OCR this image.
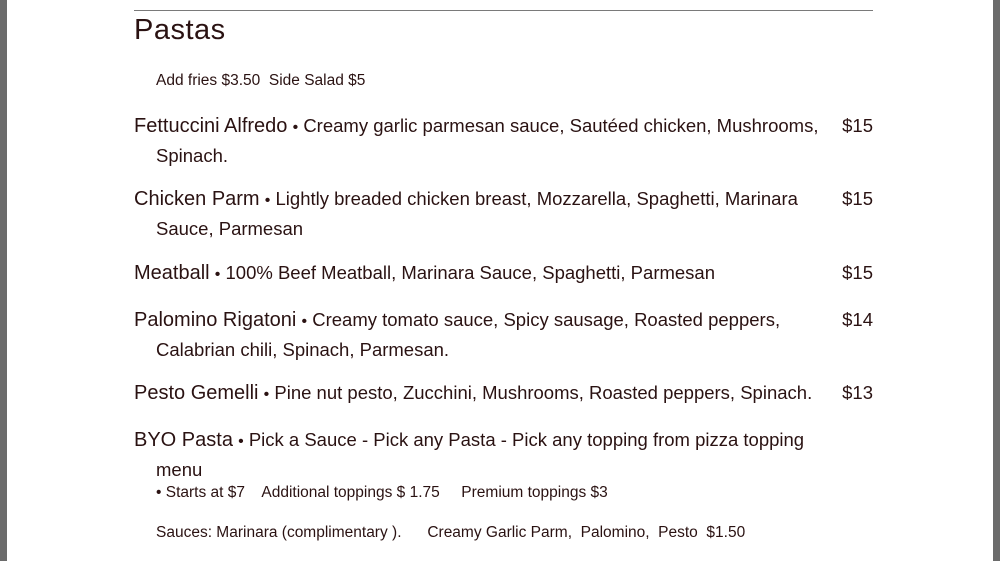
Pastas
Add fries $3.50  Side Salad $5
Fettuccini Alfredo • Creamy garlic parmesan sauce, Sautéed chicken, Mushrooms, Spinach.
$15
Chicken Parm • Lightly breaded chicken breast, Mozzarella, Spaghetti, Marinara Sauce, Parmesan
$15
Meatball • 100% Beef Meatball, Marinara Sauce, Spaghetti, Parmesan	$15
Palomino Rigatoni • Creamy tomato sauce, Spicy sausage, Roasted peppers, Calabrian chili, Spinach, Parmesan.
$14
Pesto Gemelli • Pine nut pesto, Zucchini, Mushrooms, Roasted peppers, Spinach.	$13
BYO Pasta • Pick a Sauce - Pick any Pasta - Pick any topping from pizza topping menu
• Starts at $7    Additional toppings $ 1.75     Premium toppings $3
Sauces: Marinara (complimentary ).      Creamy Garlic Parm,  Palomino,  Pesto  $1.50
